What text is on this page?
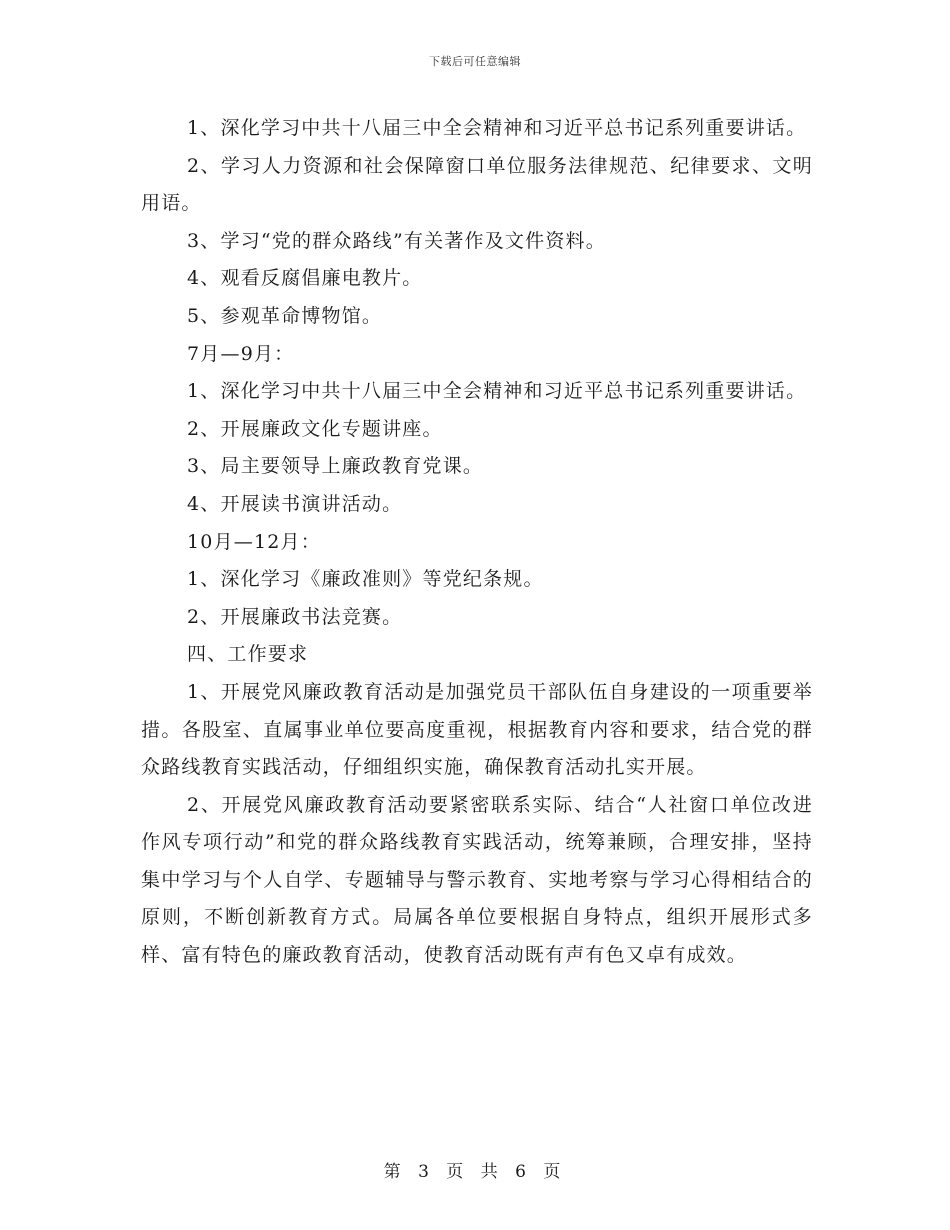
下载后可任意编辑

1、深化学习中共十八届三中全会精神和习近平总书记系列重要讲话。

2、学习人力资源和社会保障窗口单位服务法律规范、纪律要求、文明用语。

3、学习“党的群众路线”有关著作及文件资料。

4、观看反腐倡廉电教片。

5、参观革命博物馆。

7月—9月：

1、深化学习中共十八届三中全会精神和习近平总书记系列重要讲话。

2、开展廉政文化专题讲座。

3、局主要领导上廉政教育党课。

4、开展读书演讲活动。

10月—12月：

1、深化学习《廉政准则》等党纪条规。

2、开展廉政书法竞赛。

四、工作要求

1、开展党风廉政教育活动是加强党员干部队伍自身建设的一项重要举措。各股室、直属事业单位要高度重视，根据教育内容和要求，结合党的群众路线教育实践活动，仔细组织实施，确保教育活动扎实开展。

2、开展党风廉政教育活动要紧密联系实际、结合“人社窗口单位改进作风专项行动”和党的群众路线教育实践活动，统筹兼顾，合理安排，坚持集中学习与个人自学、专题辅导与警示教育、实地考察与学习心得相结合的原则，不断创新教育方式。局属各单位要根据自身特点，组织开展形式多样、富有特色的廉政教育活动，使教育活动既有声有色又卓有成效。

第 3 页 共 6 页
